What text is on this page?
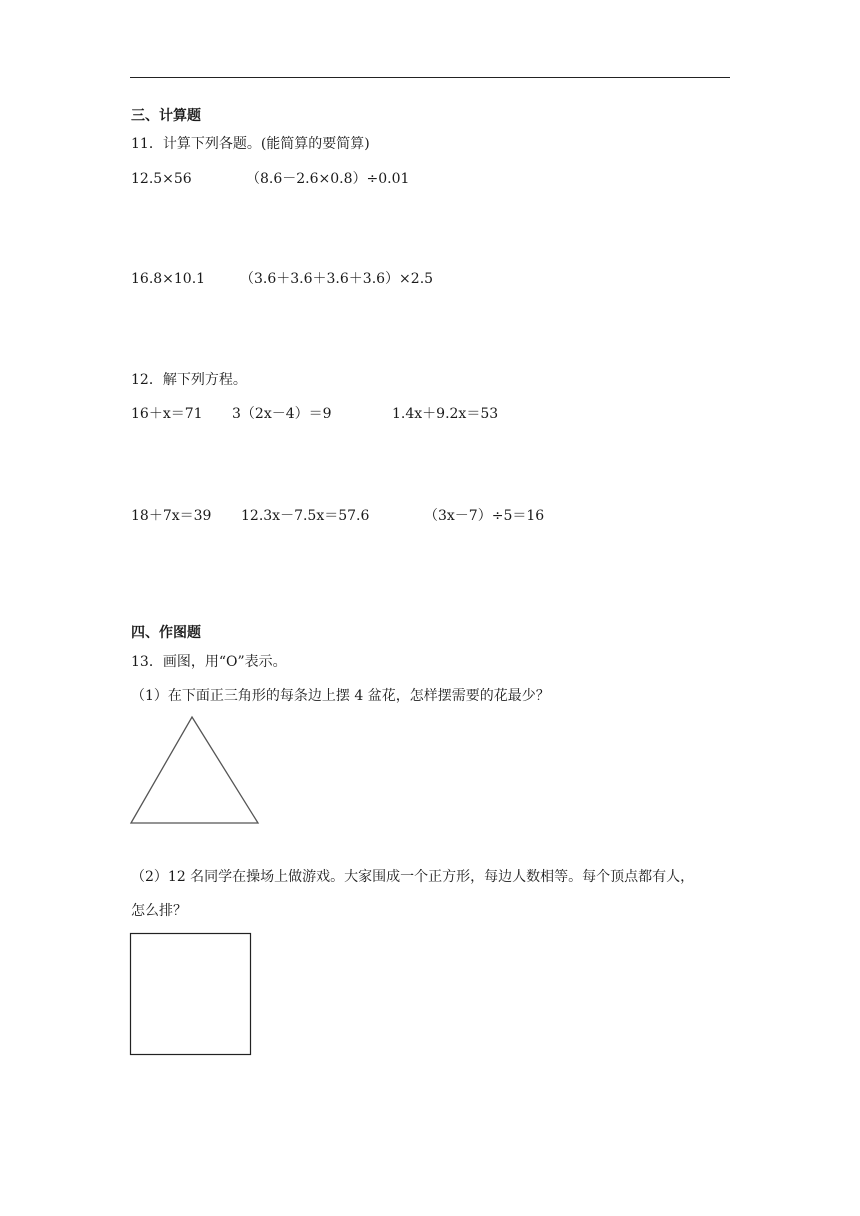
三、计算题
11．计算下列各题。(能简算的要简算)
12.5×56	（8.6－2.6×0.8）÷0.01
16.8×10.1 （3.6＋3.6＋3.6＋3.6）×2.5
12．解下列方程。
16＋x＝71 3（2x－4）＝9	1.4x＋9.2x＝53
18＋7x＝39 12.3x－7.5x＝57.6	（3x－7）÷5＝16
四、作图题
13．画图，用“O”表示。
（1）在下面正三角形的每条边上摆 4 盆花，怎样摆需要的花最少？
（2）12 名同学在操场上做游戏。大家围成一个正方形，每边人数相等。每个顶点都有人，
怎么排？
